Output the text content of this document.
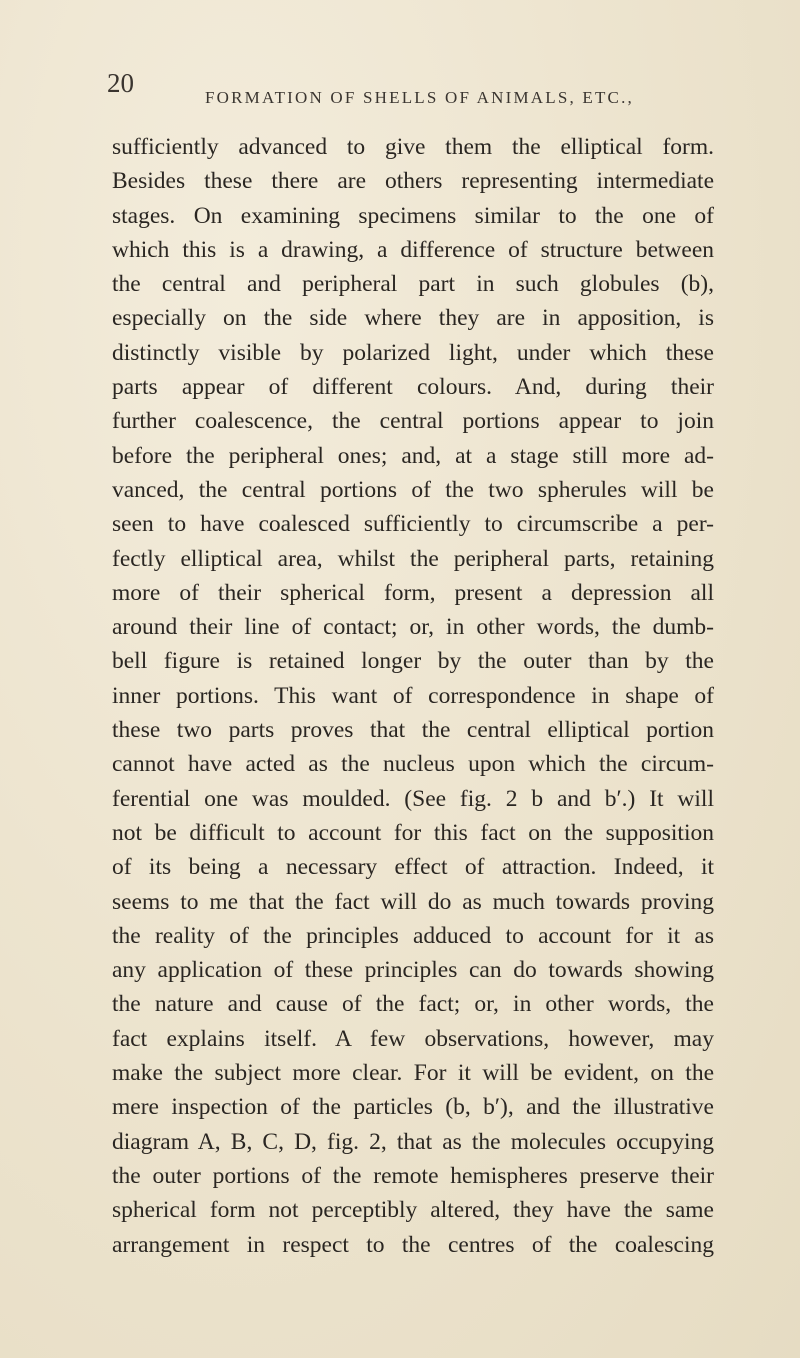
20	FORMATION OF SHELLS OF ANIMALS, ETC.,
sufficiently advanced to give them the elliptical form.
Besides these there are others representing intermediate
stages. On examining specimens similar to the one of
which this is a drawing, a difference of structure between
the central and peripheral part in such globules (b),
especially on the side where they are in apposition, is
distinctly visible by polarized light, under which these
parts appear of different colours. And, during their
further coalescence, the central portions appear to join
before the peripheral ones; and, at a stage still more ad-
vanced, the central portions of the two spherules will be
seen to have coalesced sufficiently to circumscribe a per-
fectly elliptical area, whilst the peripheral parts, retaining
more of their spherical form, present a depression all
around their line of contact; or, in other words, the dumb-
bell figure is retained longer by the outer than by the
inner portions. This want of correspondence in shape of
these two parts proves that the central elliptical portion
cannot have acted as the nucleus upon which the circum-
ferential one was moulded. (See fig. 2 b and b′.) It will
not be difficult to account for this fact on the supposition
of its being a necessary effect of attraction. Indeed, it
seems to me that the fact will do as much towards proving
the reality of the principles adduced to account for it as
any application of these principles can do towards showing
the nature and cause of the fact; or, in other words, the
fact explains itself. A few observations, however, may
make the subject more clear. For it will be evident, on the
mere inspection of the particles (b, b′), and the illustrative
diagram A, B, C, D, fig. 2, that as the molecules occupying
the outer portions of the remote hemispheres preserve their
spherical form not perceptibly altered, they have the same
arrangement in respect to the centres of the coalescing
